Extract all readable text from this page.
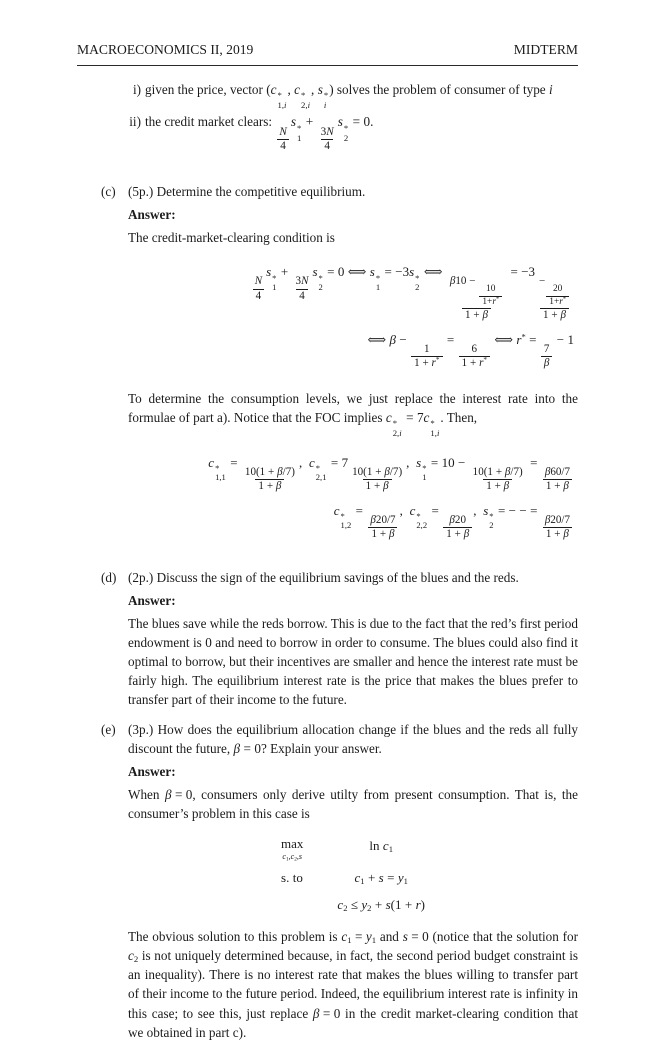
MACROECONOMICS II, 2019	MIDTERM
i) given the price, vector (c *
1,i
, c *
2,i
, s *
i
) solves the problem of consumer of type i
ii) the credit market clears:
$\frac{N}{4}$
s *
1
+
$\frac{3N}{4}$
s *
2
= 0.
(c) (5p.) Determine the competitive equilibrium.
Answer:
The credit-market-clearing condition is
$\frac{N}{4}$
s *
1
+
$\frac{3N}{4}$
s *
2
= 0 ⟺ s *
1
= −3s *
2
⟺
β10 −
$\frac{10}{1+r^*}$
1 + β
= −3
−
$\frac{20}{1+r^*}$
1 + β
⟺ β −
$\frac{1}{1 + r^*}$
=
$\frac{6}{1 + r^*}$
⟺ r* =
$\frac{7}{\beta}$
− 1
To determine the consumption levels, we just replace the interest rate into the formulae of part a). Notice that the FOC implies c *
2,i
= 7c *
1,i
. Then,
c *
1,1
=
$\frac{10(1 + \beta/7)}{1 + \beta}$
, c *
2,1
= 7
$\frac{10(1 + \beta/7)}{1 + \beta}$
, s *
1
= 10 −
$\frac{10(1 + \beta/7)}{1 + \beta}$
=
$\frac{\beta 60/7}{1 + \beta}$
c *
1,2
=
$\frac{\beta 20/7}{1 + \beta}$
, c *
2,2
=
$\frac{\beta 20}{1 + \beta}$
, s *
2
= − − =
$\frac{\beta 20/7}{1 + \beta}$
(d) (2p.) Discuss the sign of the equilibrium savings of the blues and the reds.
Answer:
The blues save while the reds borrow. This is due to the fact that the red’s first period endowment is 0 and need to borrow in order to consume. The blues could also find it optimal to borrow, but their incentives are smaller and hence the interest rate must be fairly high. The equilibrium interest rate is the price that makes the blues prefer to transfer part of their income to the future.
(e) (3p.) How does the equilibrium allocation change if the blues and the reds all fully discount the future, β = 0? Explain your answer.
Answer:
When β = 0, consumers only derive utilty from present consumption. That is, the consumer’s problem in this case is
max
$c_1,c_2,s$
$\ln c_1$
s. to	$c_1 + s = y_1$
$c_2 \le y_2 + s(1 + r)$
The obvious solution to this problem is $c_1 = y_1$ and s = 0 (notice that the solution for $c_2$ is not uniquely determined because, in fact, the second period budget constraint is an inequality). There is no interest rate that makes the blues willing to transfer part of their income to the future period. Indeed, the equilibrium interest rate is infinity in this case; to see this, just replace β = 0 in the credit market-clearing condition that we obtained in part c).
